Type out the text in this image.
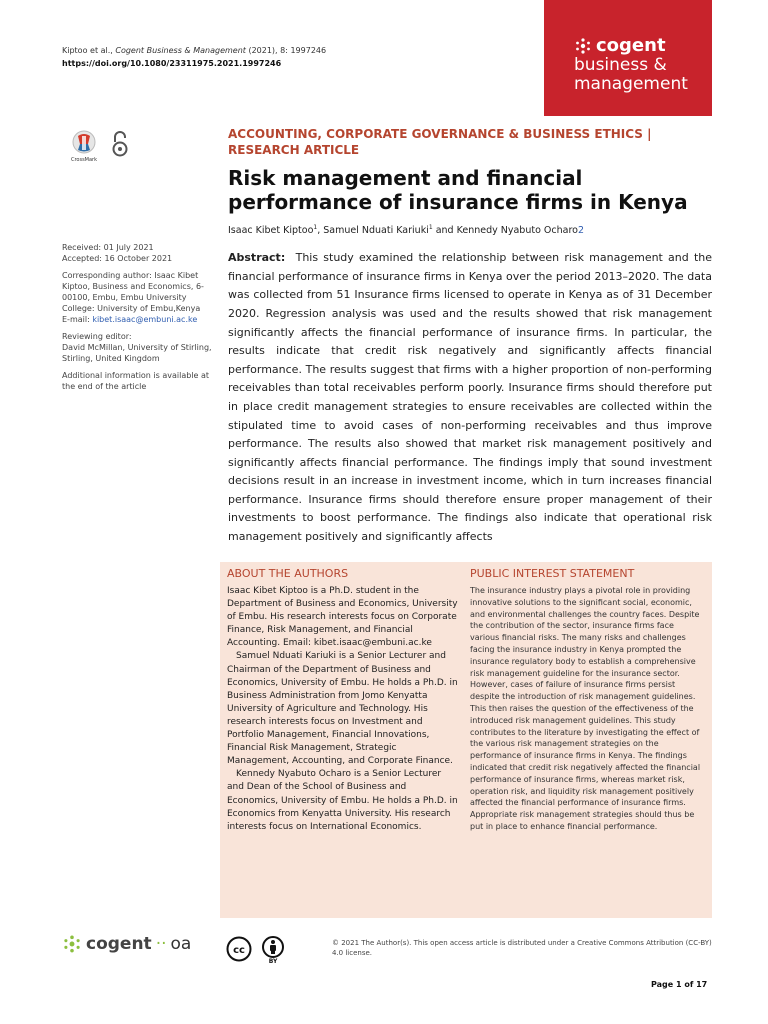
Kiptoo et al., Cogent Business & Management (2021), 8: 1997246
https://doi.org/10.1080/23311975.2021.1997246
cogent
business &
management
CrossMark

Received: 01 July 2021
Accepted: 16 October 2021

Corresponding author: Isaac Kibet Kiptoo, Business and Economics, 6-00100, Embu, Embu University College: University of Embu,Kenya
E-mail: kibet.isaac@embuni.ac.ke

Reviewing editor:
David McMillan, University of Stirling, Stirling, United Kingdom

Additional information is available at the end of the article

ACCOUNTING, CORPORATE GOVERNANCE & BUSINESS ETHICS |
RESEARCH ARTICLE
Risk management and financial performance of insurance firms in Kenya
Isaac Kibet Kiptoo$^1$, Samuel Nduati Kariuki$^1$ and Kennedy Nyabuto Ocharo2

Abstract: This study examined the relationship between risk management and the financial performance of insurance firms in Kenya over the period 2013–2020. The data was collected from 51 Insurance firms licensed to operate in Kenya as of 31 December 2020. Regression analysis was used and the results showed that risk management significantly affects the financial performance of insurance firms. In particular, the results indicate that credit risk negatively and significantly affects financial performance. The results suggest that firms with a higher proportion of non-performing receivables than total receivables perform poorly. Insurance firms should therefore put in place credit management strategies to ensure receivables are collected within the stipulated time to avoid cases of non-performing receivables and thus improve performance. The results also showed that market risk management positively and significantly affects financial performance. The findings imply that sound investment decisions result in an increase in investment income, which in turn increases financial performance. Insurance firms should therefore ensure proper management of their investments to boost performance. The findings also indicate that operational risk management positively and significantly affects

ABOUT THE AUTHORS

Isaac Kibet Kiptoo is a Ph.D. student in the Department of Business and Economics, University of Embu. His research interests focus on Corporate Finance, Risk Management, and Financial Accounting. Email: kibet.isaac@embuni.ac.ke

Samuel Nduati Kariuki is a Senior Lecturer and Chairman of the Department of Business and Economics, University of Embu. He holds a Ph.D. in Business Administration from Jomo Kenyatta University of Agriculture and Technology. His research interests focus on Investment and Portfolio Management, Financial Innovations, Financial Risk Management, Strategic Management, Accounting, and Corporate Finance.

Kennedy Nyabuto Ocharo is a Senior Lecturer and Dean of the School of Business and Economics, University of Embu. He holds a Ph.D. in Economics from Kenyatta University. His research interests focus on International Economics.

PUBLIC INTEREST STATEMENT
The insurance industry plays a pivotal role in providing innovative solutions to the significant social, economic, and environmental challenges the country faces. Despite the contribution of the sector, insurance firms face various financial risks. The many risks and challenges facing the insurance industry in Kenya prompted the insurance regulatory body to establish a comprehensive risk management guideline for the insurance sector. However, cases of failure of insurance firms persist despite the introduction of risk management guidelines. This then raises the question of the effectiveness of the introduced risk management guidelines. This study contributes to the literature by investigating the effect of the various risk management strategies on the performance of insurance firms in Kenya. The findings indicated that credit risk negatively affected the financial performance of insurance firms, whereas market risk, operation risk, and liquidity risk management positively affected the financial performance of insurance firms. Appropriate risk management strategies should thus be put in place to enhance financial performance.
cogent ·· oa	cc
BY
© 2021 The Author(s). This open access article is distributed under a Creative Commons Attribution (CC-BY) 4.0 license.
Page 1 of 17
